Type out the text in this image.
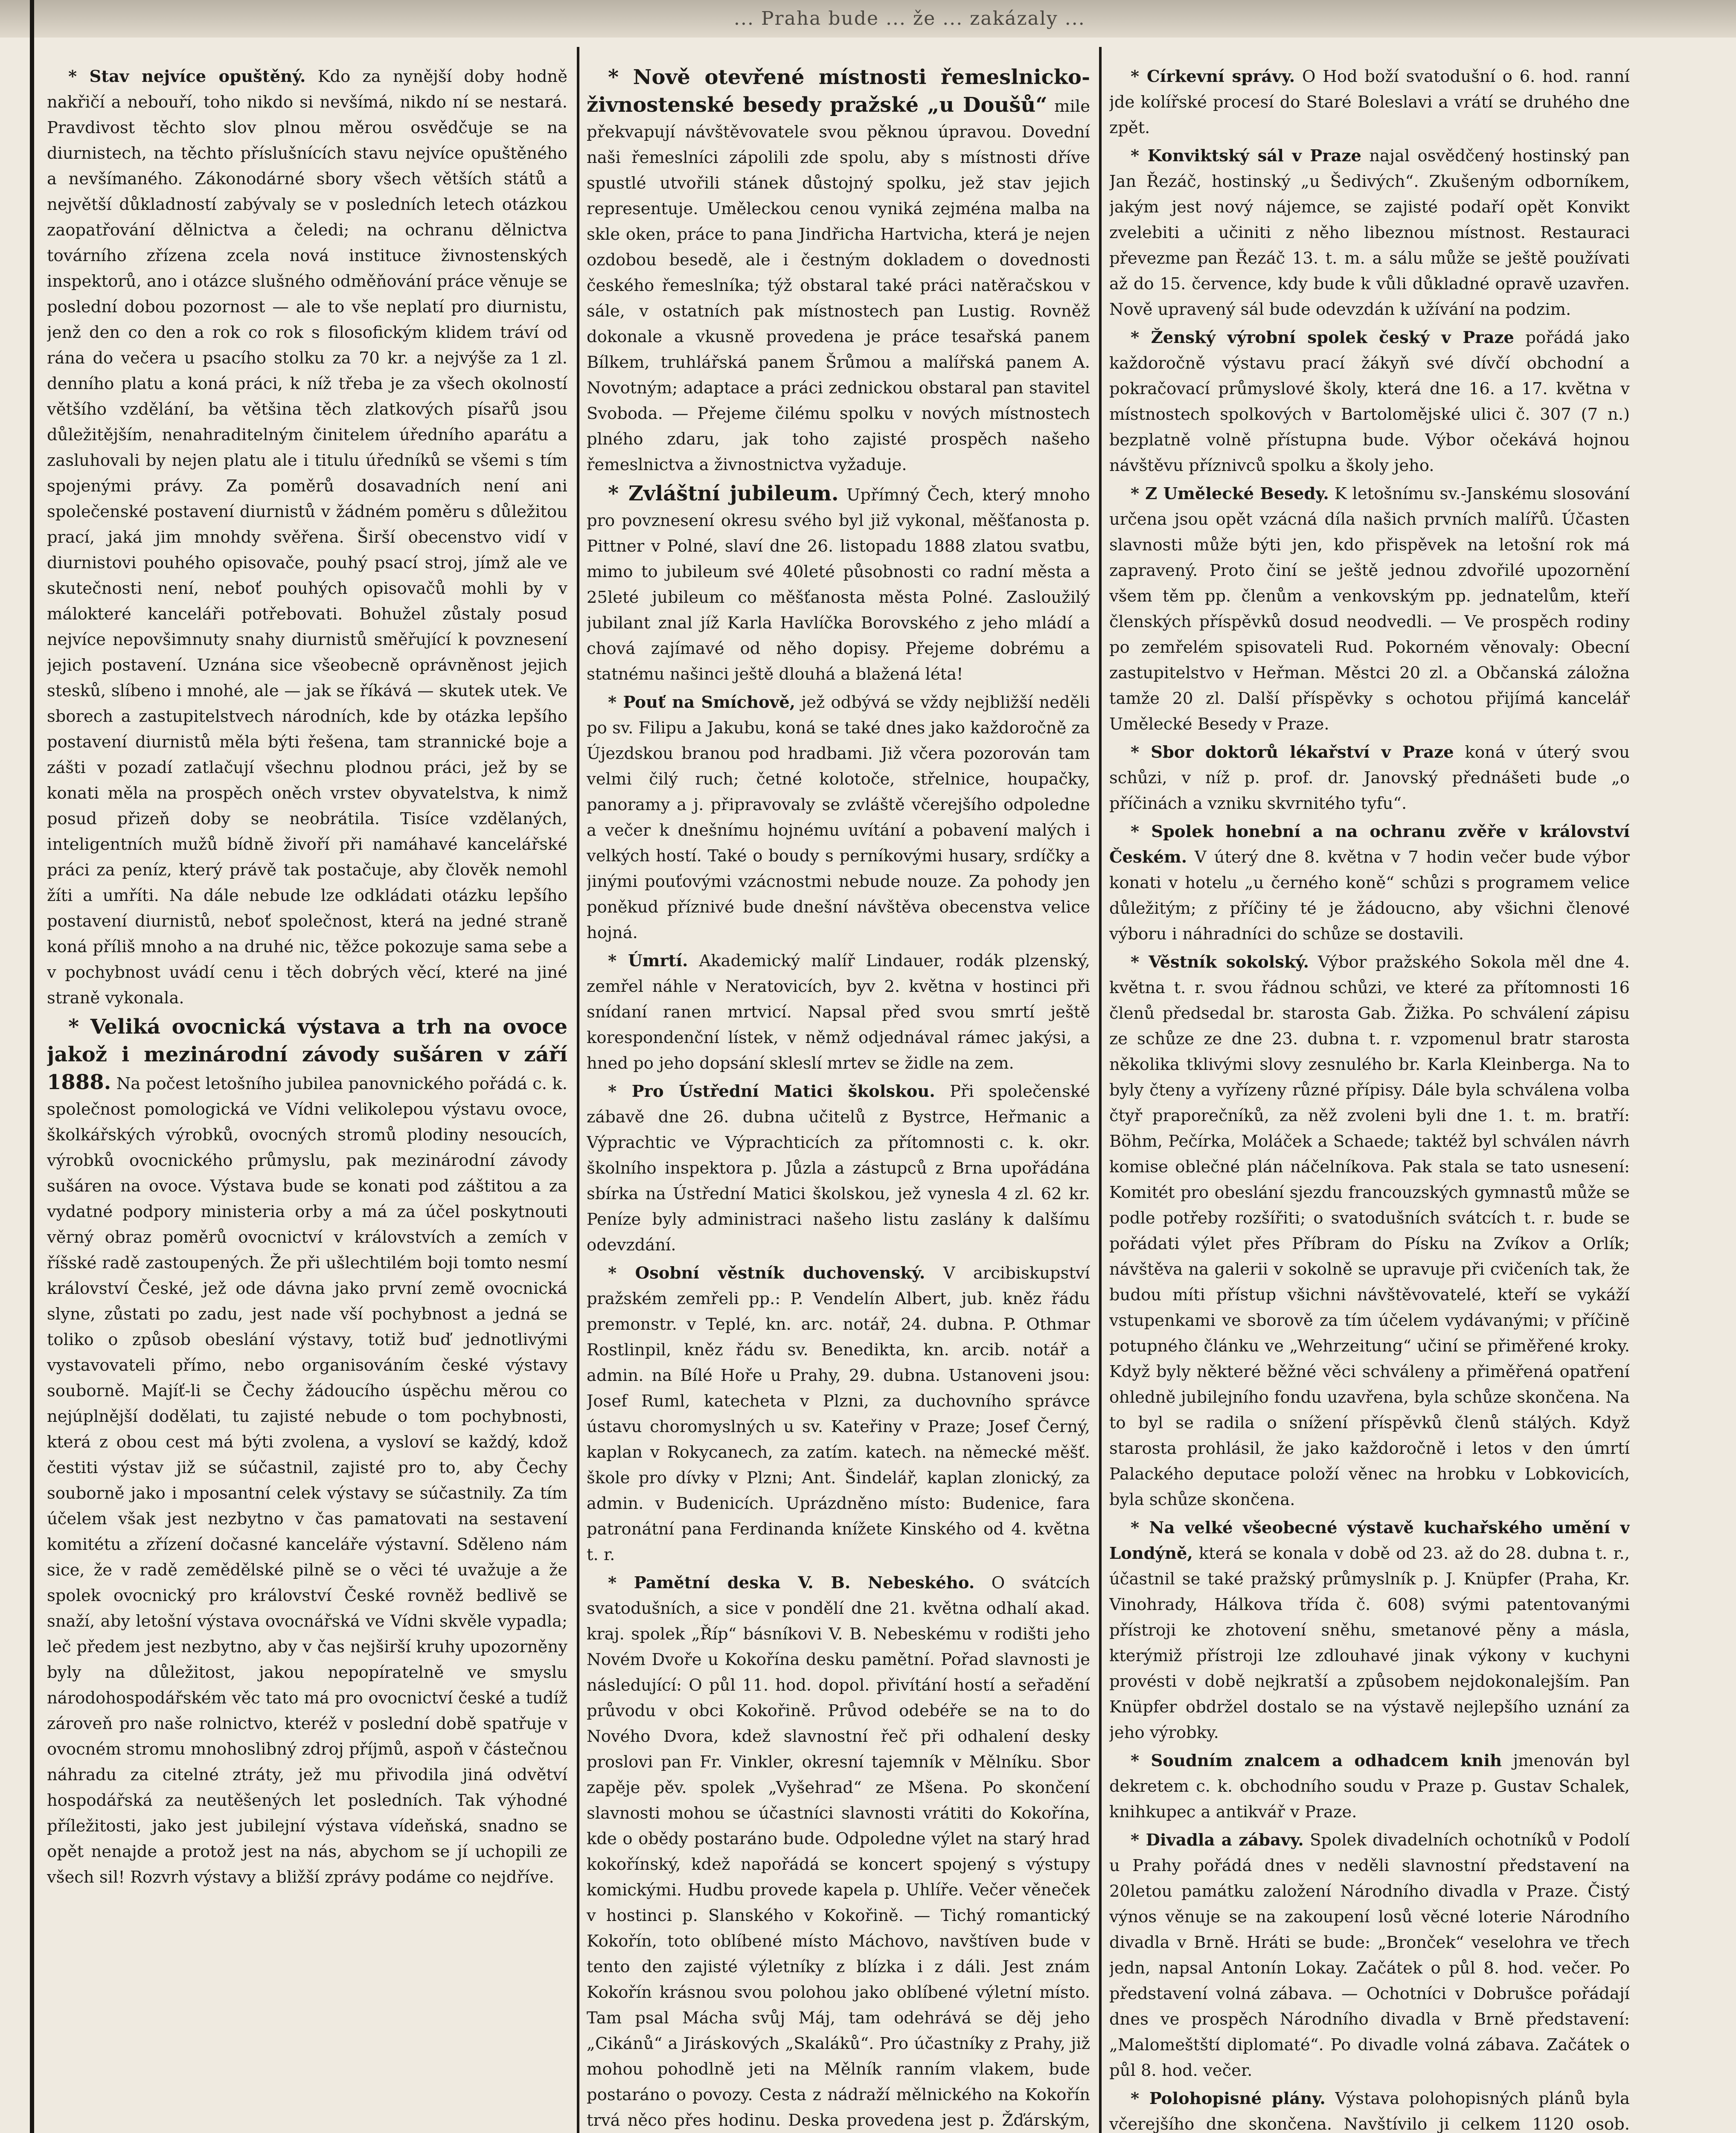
... Praha bude ... že ... zakázaly ...

* Stav nejvíce opuštěný. Kdo za nynější doby hodně nakřičí a nebouří, toho nikdo si nevšímá, nikdo ní se nestará. Pravdivost těchto slov plnou měrou osvědčuje se na diurnistech, na těchto příslušnících stavu nejvíce opuštěného a nevšímaného. Zákonodárné sbory všech větších států a největší důkladností zabývaly se v posledních letech otázkou zaopatřování dělnictva a čeledi; na ochranu dělnictva továrního zřízena zcela nová instituce živnostenských inspektorů, ano i otázce slušného odměňování práce věnuje se poslední dobou pozornost — ale to vše neplatí pro diurnistu, jenž den co den a rok co rok s filosofickým klidem tráví od rána do večera u psacího stolku za 70 kr. a nejvýše za 1 zl. denního platu a koná práci, k níž třeba je za všech okolností většího vzdělání, ba většina těch zlatkových písařů jsou důležitějším, nenahraditelným činitelem úředního aparátu a zasluhovali by nejen platu ale i titulu úředníků se všemi s tím spojenými právy. Za poměrů dosavadních není ani společenské postavení diurnistů v žádném poměru s důležitou prací, jaká jim mnohdy svěřena. Širší obecenstvo vidí v diurnistovi pouhého opisovače, pouhý psací stroj, jímž ale ve skutečnosti není, neboť pouhých opisovačů mohli by v málokteré kanceláři potřebovati. Bohužel zůstaly posud nejvíce nepovšimnuty snahy diurnistů směřující k povznesení jejich postavení. Uznána sice všeobecně oprávněnost jejich stesků, slíbeno i mnohé, ale — jak se říkává — skutek utek. Ve sborech a zastupitelstvech národních, kde by otázka lepšího postavení diurnistů měla býti řešena, tam strannické boje a zášti v pozadí zatlačují všechnu plodnou práci, jež by se konati měla na prospěch oněch vrstev obyvatelstva, k nimž posud přizeň doby se neobrátila. Tisíce vzdělaných, inteligentních mužů bídně živoří při namáhavé kancelářské práci za peníz, který právě tak postačuje, aby člověk nemohl žíti a umříti. Na dále nebude lze odkládati otázku lepšího postavení diurnistů, neboť společnost, která na jedné straně koná příliš mnoho a na druhé nic, těžce pokozuje sama sebe a v pochybnost uvádí cenu i těch dobrých věcí, které na jiné straně vykonala.

* Veliká ovocnická výstava a trh na ovoce jakož i mezinárodní závody sušáren v září 1888. Na počest letošního jubilea panovnického pořádá c. k. společnost pomologická ve Vídni velikolepou výstavu ovoce, školkářských výrobků, ovocných stromů plodiny nesoucích, výrobků ovocnického průmyslu, pak mezinárodní závody sušáren na ovoce. Výstava bude se konati pod záštitou a za vydatné podpory ministeria orby a má za účel poskytnouti věrný obraz poměrů ovocnictví v královstvích a zemích v říšské radě zastoupených. Že při ušlechtilém boji tomto nesmí království České, jež ode dávna jako první země ovocnická slyne, zůstati po zadu, jest nade vší pochybnost a jedná se toliko o způsob obeslání výstavy, totiž buď jednotlivými vystavovateli přímo, nebo organisováním české výstavy souborně. Majíť-li se Čechy žádoucího úspěchu měrou co nejúplnější dodělati, tu zajisté nebude o tom pochybnosti, která z obou cest má býti zvolena, a vysloví se každý, kdož čestiti výstav již se súčastnil, zajisté pro to, aby Čechy souborně jako i mposantní celek výstavy se súčastnily. Za tím účelem však jest nezbytno v čas pamatovati na sestavení komitétu a zřízení dočasné kanceláře výstavní. Sděleno nám sice, že v radě zemědělské pilně se o věci té uvažuje a že spolek ovocnický pro království České rovněž bedlivě se snaží, aby letošní výstava ovocnářská ve Vídni skvěle vypadla; leč předem jest nezbytno, aby v čas nejširší kruhy upozorněny byly na důležitost, jakou nepopíratelně ve smyslu národohospodářském věc tato má pro ovocnictví české a tudíž zároveň pro naše rolnictvo, kteréž v poslední době spatřuje v ovocném stromu mnohoslibný zdroj příjmů, aspoň v částečnou náhradu za citelné ztráty, jež mu přivodila jiná odvětví hospodářská za neutěšených let posledních. Tak výhodné příležitosti, jako jest jubilejní výstava vídeňská, snadno se opět nenajde a protož jest na nás, abychom se jí uchopili ze všech sil! Rozvrh výstavy a bližší zprávy podáme co nejdříve.

* Nově otevřené místnosti řemeslnicko-živnostenské besedy pražské „u Doušů“ mile překvapují návštěvovatele svou pěknou úpravou. Dovední naši řemeslníci zápolili zde spolu, aby s místnosti dříve spustlé utvořili stánek důstojný spolku, jež stav jejich representuje. Uměleckou cenou vyniká zejména malba na skle oken, práce to pana Jindřicha Hartvicha, která je nejen ozdobou besedě, ale i čestným dokladem o dovednosti českého řemeslníka; týž obstaral také práci natěračskou v sále, v ostatních pak místnostech pan Lustig. Rovněž dokonale a vkusně provedena je práce tesařská panem Bílkem, truhlářská panem Šrůmou a malířská panem A. Novotným; adaptace a práci zednickou obstaral pan stavitel Svoboda. — Přejeme čilému spolku v nových místnostech plného zdaru, jak toho zajisté prospěch našeho řemeslnictva a živnostnictva vyžaduje.

* Zvláštní jubileum. Upřímný Čech, který mnoho pro povznesení okresu svého byl již vykonal, měšťanosta p. Pittner v Polné, slaví dne 26. listopadu 1888 zlatou svatbu, mimo to jubileum své 40leté působnosti co radní města a 25leté jubileum co měšťanosta města Polné. Zasloužilý jubilant znal jíž Karla Havlíčka Borovského z jeho mládí a chová zajímavé od něho dopisy. Přejeme dobrému a statnému našinci ještě dlouhá a blažená léta!

* Pouť na Smíchově, jež odbývá se vždy nejbližší neděli po sv. Filipu a Jakubu, koná se také dnes jako každoročně za Újezdskou branou pod hradbami. Již včera pozorován tam velmi čilý ruch; četné kolotoče, střelnice, houpačky, panoramy a j. připravovaly se zvláště včerejšího odpoledne a večer k dnešnímu hojnému uvítání a pobavení malých i velkých hostí. Také o boudy s perníkovými husary, srdíčky a jinými pouťovými vzácnostmi nebude nouze. Za pohody jen poněkud příznivé bude dnešní návštěva obecenstva velice hojná.

* Úmrtí. Akademický malíř Lindauer, rodák plzenský, zemřel náhle v Neratovicích, byv 2. května v hostinci při snídaní ranen mrtvicí. Napsal před svou smrtí ještě korespondenční lístek, v němž odjednával rámec jakýsi, a hned po jeho dopsání skleslí mrtev se židle na zem.

* Pro Ústřední Matici školskou. Při společenské zábavě dne 26. dubna učitelů z Bystrce, Heřmanic a Výprachtic ve Výprachticích za přítomnosti c. k. okr. školního inspektora p. Jůzla a zástupců z Brna upořádána sbírka na Ústřední Matici školskou, jež vynesla 4 zl. 62 kr. Peníze byly administraci našeho listu zaslány k dalšímu odevzdání.

* Osobní věstník duchovenský. V arcibiskupství pražském zemřeli pp.: P. Vendelín Albert, jub. kněz řádu premonstr. v Teplé, kn. arc. notář, 24. dubna. P. Othmar Rostlinpil, kněz řádu sv. Benedikta, kn. arcib. notář a admin. na Bílé Hoře u Prahy, 29. dubna. Ustanoveni jsou: Josef Ruml, katecheta v Plzni, za duchovního správce ústavu choromyslných u sv. Kateřiny v Praze; Josef Černý, kaplan v Rokycanech, za zatím. katech. na německé měšť. škole pro dívky v Plzni; Ant. Šindelář, kaplan zlonický, za admin. v Budenicích. Uprázdněno místo: Budenice, fara patronátní pana Ferdinanda knížete Kinského od 4. května t. r.

* Pamětní deska V. B. Nebeského. O svátcích svatodušních, a sice v pondělí dne 21. května odhalí akad. kraj. spolek „Říp“ básníkovi V. B. Nebeskému v rodišti jeho Novém Dvoře u Kokořína desku pamětní. Pořad slavnosti je následující: O půl 11. hod. dopol. přivítání hostí a seřadění průvodu v obci Kokořině. Průvod odebéře se na to do Nového Dvora, kdež slavnostní řeč při odhalení desky proslovi pan Fr. Vinkler, okresní tajemník v Mělníku. Sbor zapěje pěv. spolek „Vyšehrad“ ze Mšena. Po skončení slavnosti mohou se účastníci slavnosti vrátiti do Kokořína, kde o obědy postaráno bude. Odpoledne výlet na starý hrad kokořínský, kdež napořádá se koncert spojený s výstupy komickými. Hudbu provede kapela p. Uhlíře. Večer věneček v hostinci p. Slanského v Kokořině. — Tichý romantický Kokořín, toto oblíbené místo Máchovo, navštíven bude v tento den zajisté výletníky z blízka i z dáli. Jest znám Kokořín krásnou svou polohou jako oblíbené výletní místo. Tam psal Mácha svůj Máj, tam odehrává se děj jeho „Cikánů“ a Jiráskových „Skaláků“. Pro účastníky z Prahy, již mohou pohodlně jeti na Mělník ranním vlakem, bude postaráno o povozy. Cesta z nádraží mělnického na Kokořín trvá něco přes hodinu. Deska provedena jest p. Žďárským,

* Církevní správy. O Hod boží svatodušní o 6. hod. ranní jde kolířské procesí do Staré Boleslavi a vrátí se druhého dne zpět.

* Konviktský sál v Praze najal osvědčený hostinský pan Jan Řezáč, hostinský „u Šedivých“. Zkušeným odborníkem, jakým jest nový nájemce, se zajisté podaří opět Konvikt zvelebiti a učiniti z něho libeznou místnost. Restauraci převezme pan Řezáč 13. t. m. a sálu může se ještě používati až do 15. července, kdy bude k vůli důkladné opravě uzavřen. Nově upravený sál bude odevzdán k užívání na podzim.

* Ženský výrobní spolek český v Praze pořádá jako každoročně výstavu prací žákyň své dívčí obchodní a pokračovací průmyslové školy, která dne 16. a 17. května v místnostech spolkových v Bartolomějské ulici č. 307 (7 n.) bezplatně volně přístupna bude. Výbor očekává hojnou návštěvu příznivců spolku a školy jeho.

* Z Umělecké Besedy. K letošnímu sv.-Janskému slosování určena jsou opět vzácná díla našich prvních malířů. Účasten slavnosti může býti jen, kdo přispěvek na letošní rok má zapravený. Proto činí se ještě jednou zdvořilé upozornění všem těm pp. členům a venkovským pp. jednatelům, kteří členských příspěvků dosud neodvedli. — Ve prospěch rodiny po zemřelém spisovateli Rud. Pokorném věnovaly: Obecní zastupitelstvo v Heřman. Městci 20 zl. a Občanská záložna tamže 20 zl. Další příspěvky s ochotou přijímá kancelář Umělecké Besedy v Praze.

* Sbor doktorů lékařství v Praze koná v úterý svou schůzi, v níž p. prof. dr. Janovský přednášeti bude „o příčinách a vzniku skvrnitého tyfu“.

* Spolek honební a na ochranu zvěře v království Českém. V úterý dne 8. května v 7 hodin večer bude výbor konati v hotelu „u černého koně“ schůzi s programem velice důležitým; z příčiny té je žádoucno, aby všichni členové výboru i náhradníci do schůze se dostavili.

* Věstník sokolský. Výbor pražského Sokola měl dne 4. května t. r. svou řádnou schůzi, ve které za přítomnosti 16 členů předsedal br. starosta Gab. Žižka. Po schválení zápisu ze schůze ze dne 23. dubna t. r. vzpomenul bratr starosta několika tklivými slovy zesnulého br. Karla Kleinberga. Na to byly čteny a vyřízeny různé přípisy. Dále byla schválena volba čtyř praporečníků, za něž zvoleni byli dne 1. t. m. bratří: Böhm, Pečírka, Moláček a Schaede; taktéž byl schválen návrh komise oblečné plán náčelníkova. Pak stala se tato usnesení: Komitét pro obeslání sjezdu francouzských gymnastů může se podle potřeby rozšířiti; o svatodušních svátcích t. r. bude se pořádati výlet přes Příbram do Písku na Zvíkov a Orlík; návštěva na galerii v sokolně se upravuje při cvičeních tak, že budou míti přístup všichni návštěvovatelé, kteří se vykáží vstupenkami ve sborově za tím účelem vydávanými; v příčině potupného článku ve „Wehrzeitung“ učiní se přiměřené kroky. Když byly některé běžné věci schváleny a přiměřená opatření ohledně jubilejního fondu uzavřena, byla schůze skončena. Na to byl se radila o snížení příspěvků členů stálých. Když starosta prohlásil, že jako každoročně i letos v den úmrtí Palackého deputace položí věnec na hrobku v Lobkovicích, byla schůze skončena.

* Na velké všeobecné výstavě kuchařského umění v Londýně, která se konala v době od 23. až do 28. dubna t. r., účastnil se také pražský průmyslník p. J. Knüpfer (Praha, Kr. Vinohrady, Hálkova třída č. 608) svými patentovanými přístroji ke zhotovení sněhu, smetanové pěny a másla, kterýmiž přístroji lze zdlouhavé jinak výkony v kuchyni provésti v době nejkratší a způsobem nejdokonalejším. Pan Knüpfer obdržel dostalo se na výstavě nejlepšího uznání za jeho výrobky.

* Soudním znalcem a odhadcem knih jmenován byl dekretem c. k. obchodního soudu v Praze p. Gustav Schalek, knihkupec a antikvář v Praze.

* Divadla a zábavy. Spolek divadelních ochotníků v Podolí u Prahy pořádá dnes v neděli slavnostní představení na 20letou památku založení Národního divadla v Praze. Čistý výnos věnuje se na zakoupení losů věcné loterie Národního divadla v Brně. Hráti se bude: „Bronček“ veselohra ve třech jedn, napsal Antonín Lokay. Začátek o půl 8. hod. večer. Po představení volná zábava. — Ochotníci v Dobrušce pořádají dnes ve prospěch Národního divadla v Brně představení: „Malomeštští diplomaté“. Po divadle volná zábava. Začátek o půl 8. hod. večer.

* Polohopisné plány. Výstava polohopisných plánů byla včerejšího dne skončena. Navštívilo ji celkem 1120 osob.
